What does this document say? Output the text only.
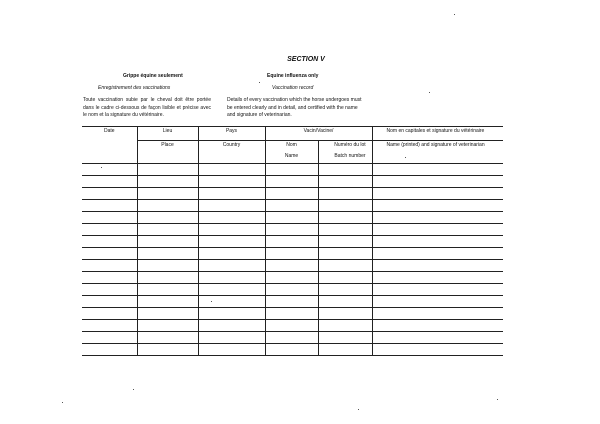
SECTION V
Grippe équine seulement
Enregistrement des vaccinations
Equine influenza only
Vaccination record
Toute vaccination subie par le cheval doit être portée dans le cadre ci-dessous de façon lisible et précise avec le nom et la signature du vétérinaire.
Details of every vaccination which the horse undergoes must be entered clearly and in detail, and certified with the name and signature of veterinarian.
Date	Lieu	Pays	Vacin/Vacine/		Nom en capitales et signature du vétérinaire
	Place	Country	Nom	Numéro du lot	Name (printed) and signature of veterinarian
			Name	Batch number	
